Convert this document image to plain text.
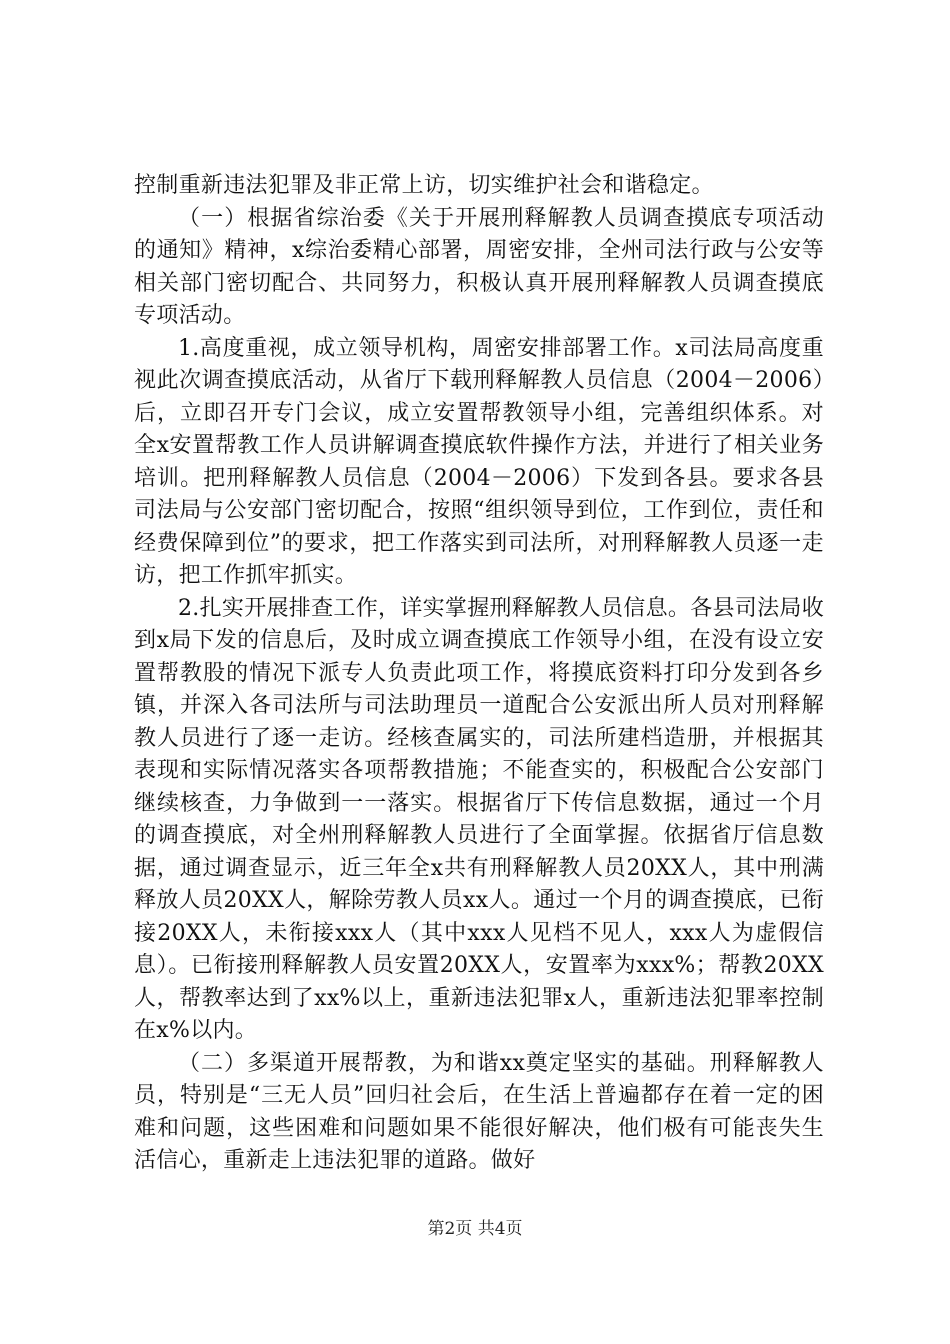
控制重新违法犯罪及非正常上访，切实维护社会和谐稳定。

（一）根据省综治委《关于开展刑释解教人员调查摸底专项活动的通知》精神，x综治委精心部署，周密安排，全州司法行政与公安等相关部门密切配合、共同努力，积极认真开展刑释解教人员调查摸底专项活动。

1.高度重视，成立领导机构，周密安排部署工作。x司法局高度重视此次调查摸底活动，从省厅下载刑释解教人员信息（2004－2006）后，立即召开专门会议，成立安置帮教领导小组，完善组织体系。对全x安置帮教工作人员讲解调查摸底软件操作方法，并进行了相关业务培训。把刑释解教人员信息（2004－2006）下发到各县。要求各县司法局与公安部门密切配合，按照“组织领导到位，工作到位，责任和经费保障到位”的要求，把工作落实到司法所，对刑释解教人员逐一走访，把工作抓牢抓实。

2.扎实开展排查工作，详实掌握刑释解教人员信息。各县司法局收到x局下发的信息后，及时成立调查摸底工作领导小组，在没有设立安置帮教股的情况下派专人负责此项工作，将摸底资料打印分发到各乡镇，并深入各司法所与司法助理员一道配合公安派出所人员对刑释解教人员进行了逐一走访。经核查属实的，司法所建档造册，并根据其表现和实际情况落实各项帮教措施；不能查实的，积极配合公安部门继续核查，力争做到一一落实。根据省厅下传信息数据，通过一个月的调查摸底，对全州刑释解教人员进行了全面掌握。依据省厅信息数据，通过调查显示，近三年全x共有刑释解教人员20XX人，其中刑满释放人员20XX人，解除劳教人员xx人。通过一个月的调查摸底，已衔接20XX人，未衔接xxx人（其中xxx人见档不见人，xxx人为虚假信息）。已衔接刑释解教人员安置20XX人，安置率为xxx%；帮教20XX人，帮教率达到了xx%以上，重新违法犯罪x人，重新违法犯罪率控制在x%以内。

（二）多渠道开展帮教，为和谐xx奠定坚实的基础。刑释解教人员，特别是“三无人员”回归社会后，在生活上普遍都存在着一定的困难和问题，这些困难和问题如果不能很好解决，他们极有可能丧失生活信心，重新走上违法犯罪的道路。做好

第2页 共4页
